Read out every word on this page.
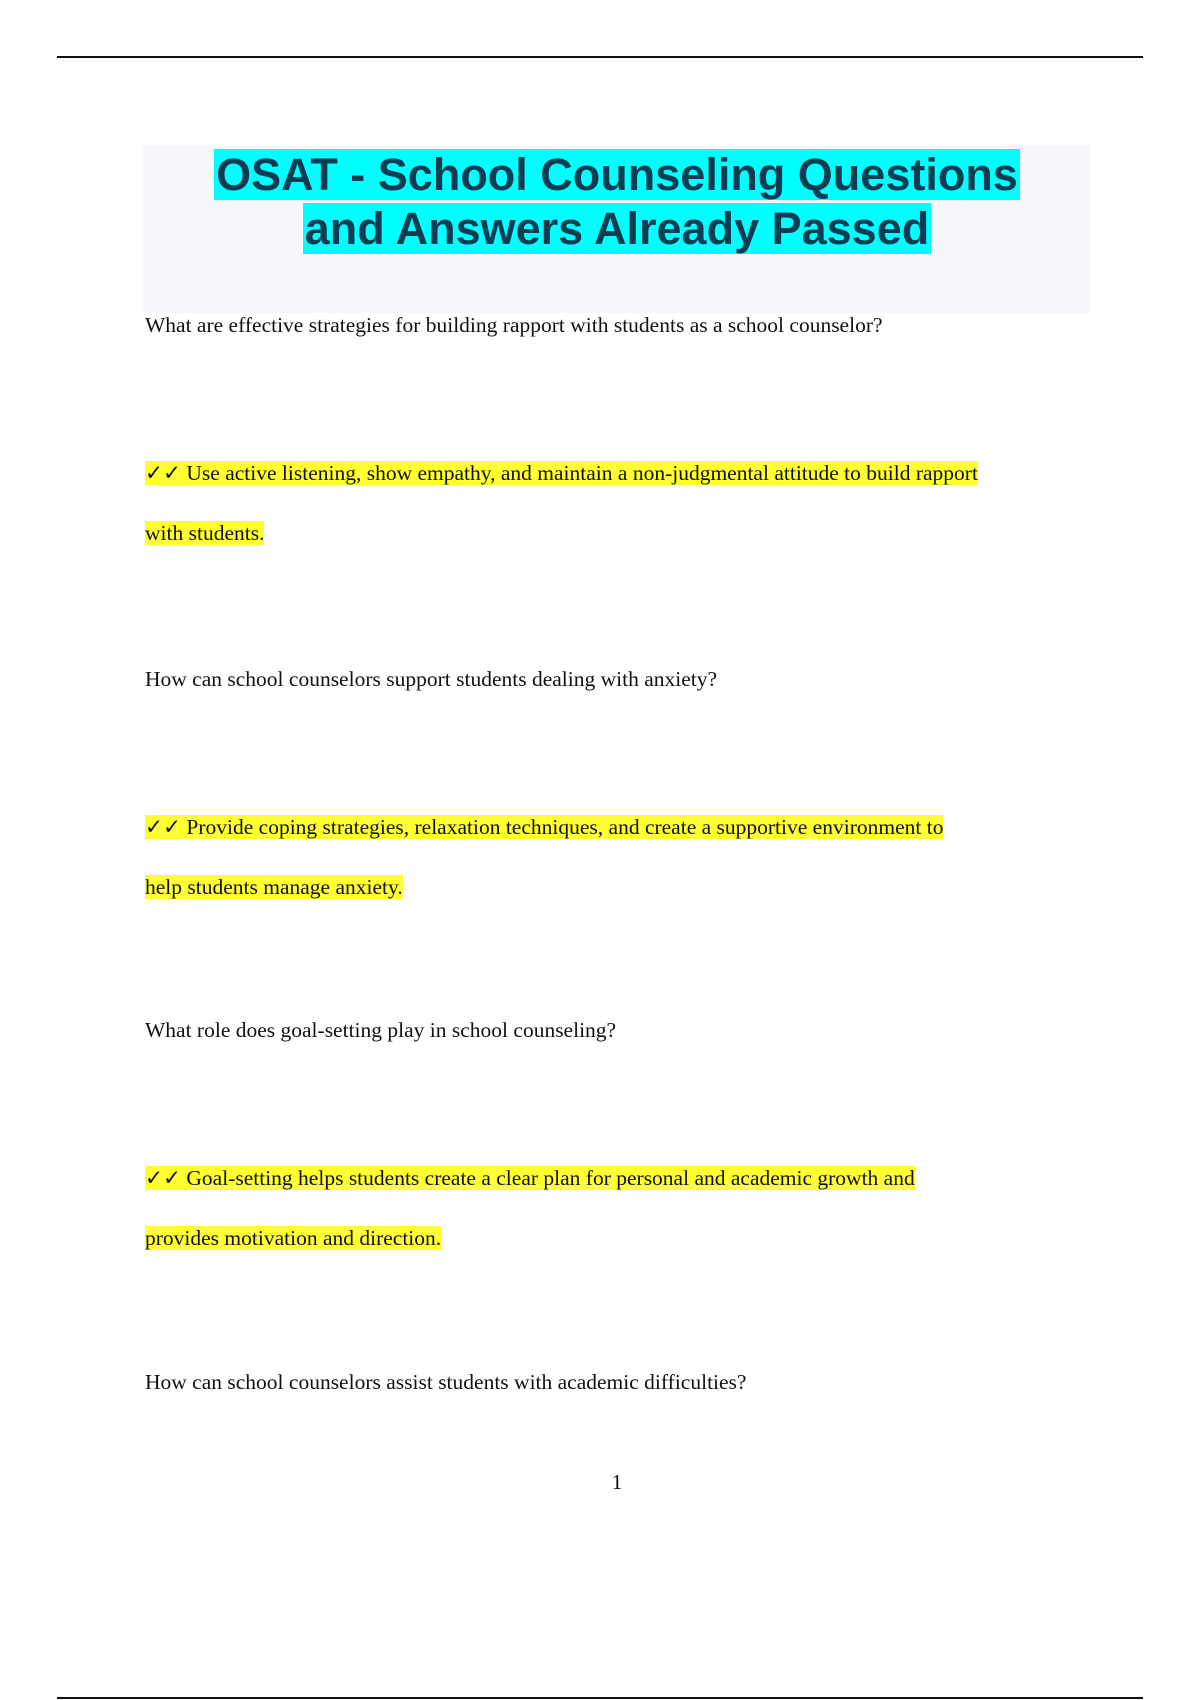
OSAT - School Counseling Questions
and Answers Already Passed

What are effective strategies for building rapport with students as a school counselor?

✓✓ Use active listening, show empathy, and maintain a non-judgmental attitude to build rapport
with students.

How can school counselors support students dealing with anxiety?

✓✓ Provide coping strategies, relaxation techniques, and create a supportive environment to
help students manage anxiety.

What role does goal-setting play in school counseling?

✓✓ Goal-setting helps students create a clear plan for personal and academic growth and
provides motivation and direction.

How can school counselors assist students with academic difficulties?

1
